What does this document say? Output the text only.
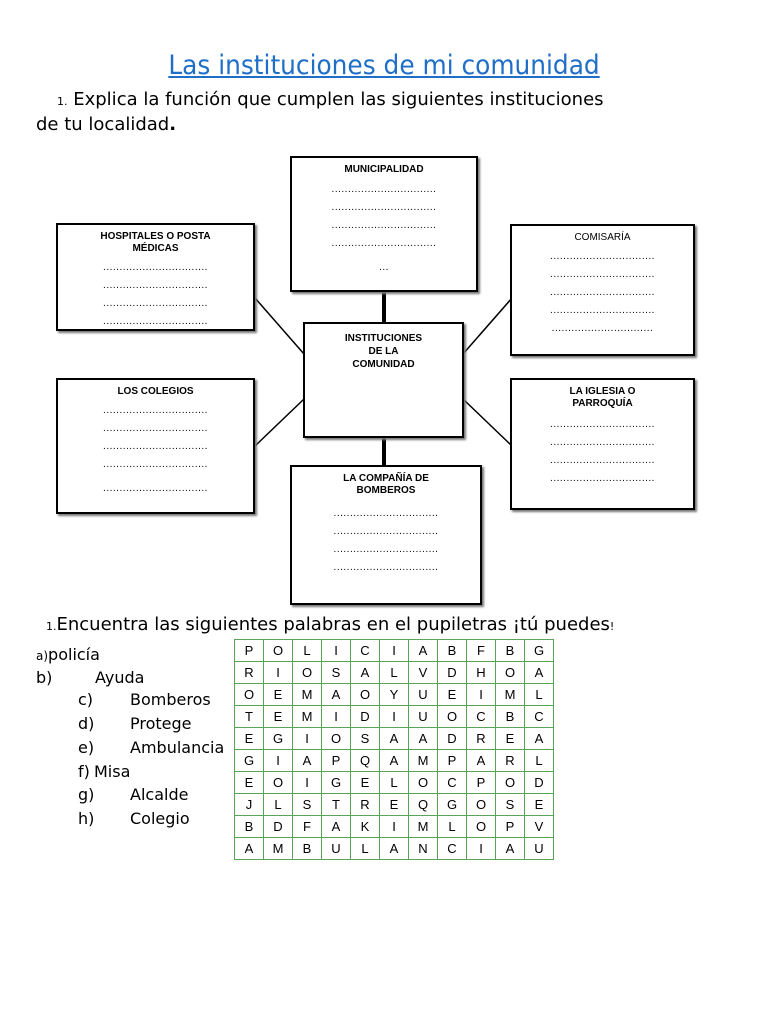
Las instituciones de mi comunidad
1. Explica la función que cumplen las siguientes instituciones
de tu localidad.
MUNICIPALIDAD
................................
................................
................................
................................
...
HOSPITALES O POSTA
MÉDICAS
................................
................................
................................
................................
COMISARÍA
................................
................................
................................
................................
...............................
INSTITUCIONES
DE LA
COMUNIDAD
LOS COLEGIOS
................................
................................
................................
................................
................................
LA IGLESIA O
PARROQUÍA
................................
................................
................................
................................
LA COMPAÑÍA DE
BOMBEROS
................................
................................
................................
................................
1.Encuentra las siguientes palabras en el pupiletras ¡tú puedes!
a)policía
b)	Ayuda
c) Bomberos
d) Protege
e) Ambulancia
f) Misa
g) Alcalde
h) Colegio
P	O	L	I	C	I	A	B	F	B	G
R	I	O	S	A	L	V	D	H	O	A
O	E	M	A	O	Y	U	E	I	M	L
T	E	M	I	D	I	U	O	C	B	C
E	G	I	O	S	A	A	D	R	E	A
G	I	A	P	Q	A	M	P	A	R	L
E	O	I	G	E	L	O	C	P	O	D
J	L	S	T	R	E	Q	G	O	S	E
B	D	F	A	K	I	M	L	O	P	V
A	M	B	U	L	A	N	C	I	A	U
